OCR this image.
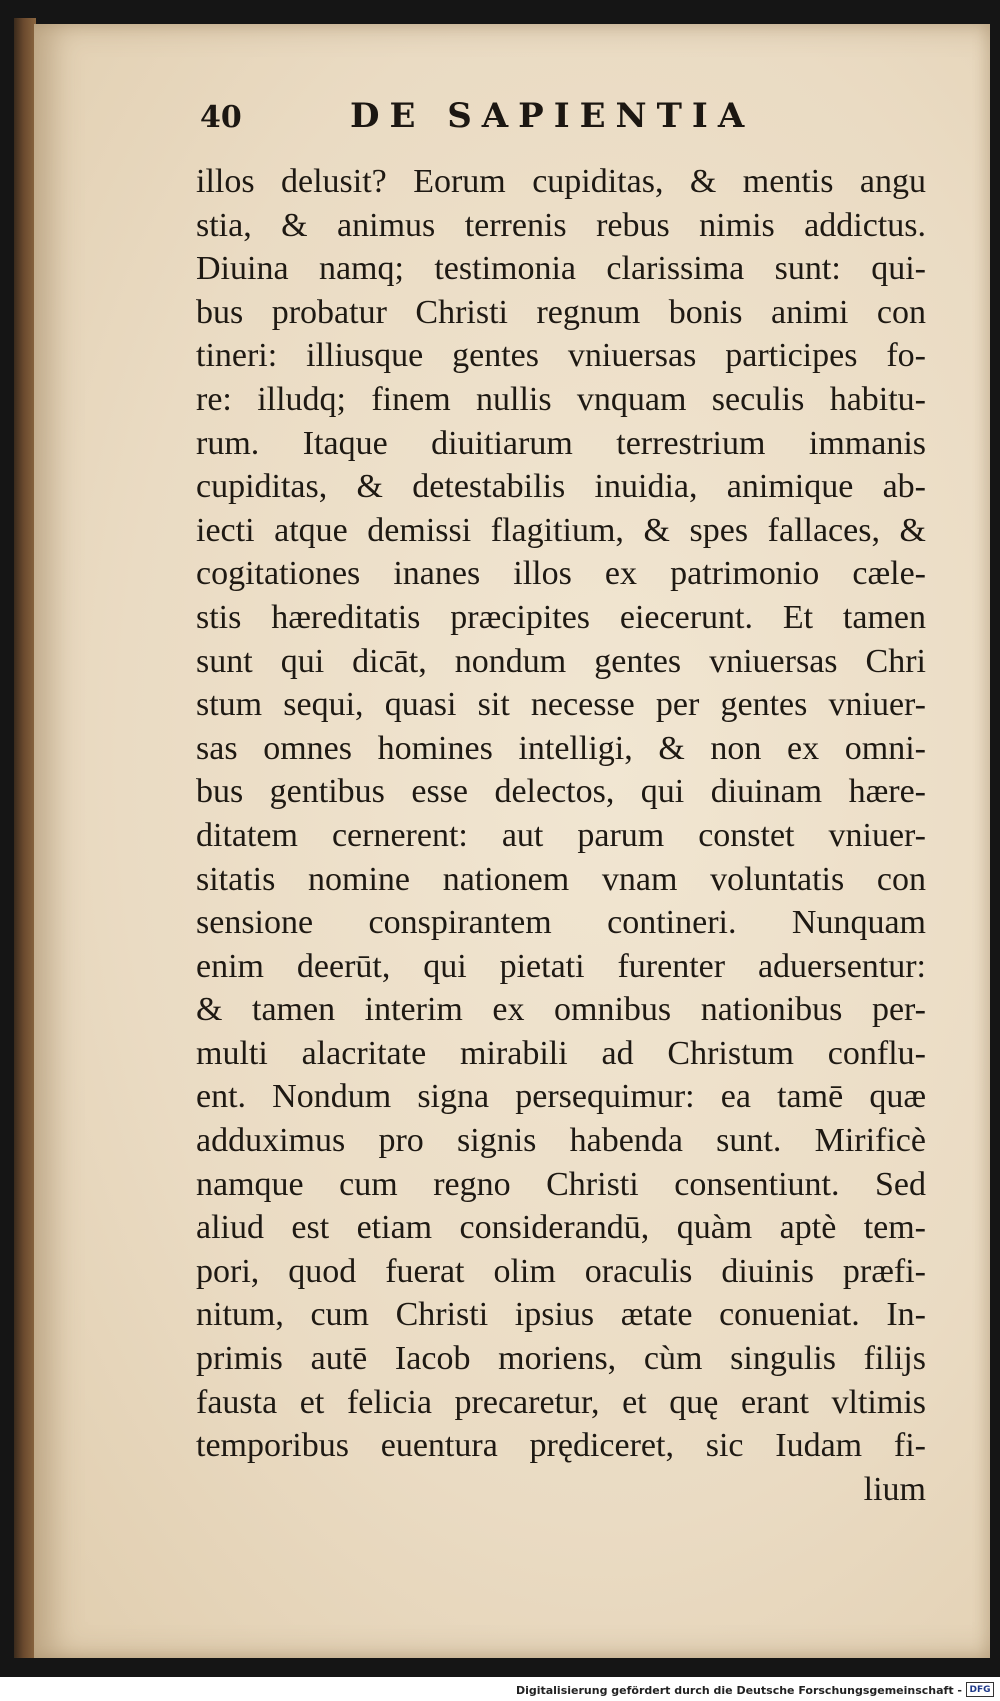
40	DE SAPIENTIA
illos delusit? Eorum cupiditas, & mentis angu
stia, & animus terrenis rebus nimis addictus.
Diuina namq; testimonia clarissima sunt: qui-
bus probatur Christi regnum bonis animi con
tineri: illiusque gentes vniuersas participes fo-
re: illudq; finem nullis vnquam seculis habitu-
rum. Itaque diuitiarum terrestrium immanis
cupiditas, & detestabilis inuidia, animique ab-
iecti atque demissi flagitium, & spes fallaces, &
cogitationes inanes illos ex patrimonio cæle-
stis hæreditatis præcipites eiecerunt. Et tamen
sunt qui dicāt, nondum gentes vniuersas Chri
stum sequi, quasi sit necesse per gentes vniuer-
sas omnes homines intelligi, & non ex omni-
bus gentibus esse delectos, qui diuinam hære-
ditatem cernerent: aut parum constet vniuer-
sitatis nomine nationem vnam voluntatis con
sensione conspirantem contineri. Nunquam
enim deerūt, qui pietati furenter aduersentur:
& tamen interim ex omnibus nationibus per-
multi alacritate mirabili ad Christum conflu-
ent. Nondum signa persequimur: ea tamē quæ
adduximus pro signis habenda sunt. Mirificè
namque cum regno Christi consentiunt. Sed
aliud est etiam considerandū, quàm aptè tem-
pori, quod fuerat olim oraculis diuinis præfi-
nitum, cum Christi ipsius ætate conueniat. In-
primis autē Iacob moriens, cùm singulis filijs
fausta et felicia precaretur, et quę erant vltimis
temporibus euentura prędiceret, sic Iudam fi-
lium
Digitalisierung gefördert durch die Deutsche Forschungsgemeinschaft - DFG
